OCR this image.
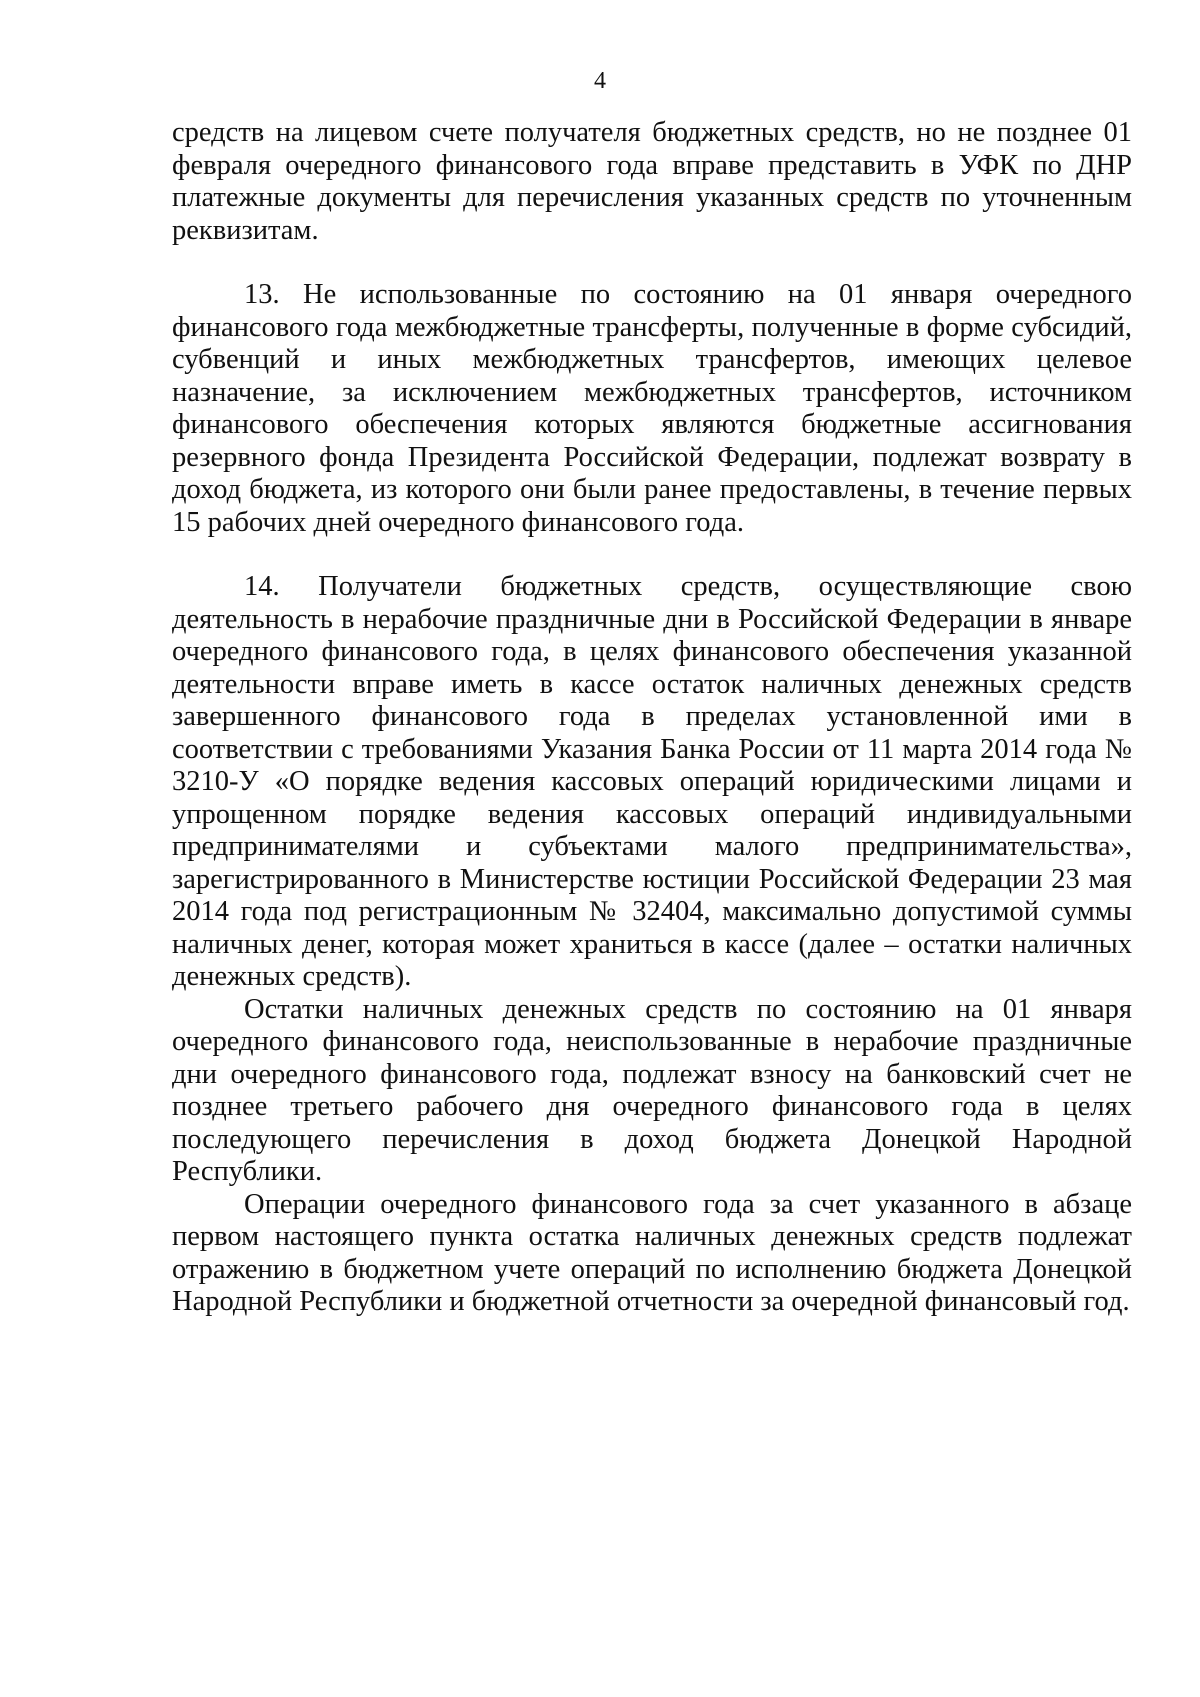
4

средств на лицевом счете получателя бюджетных средств, но не позднее 01 февраля очередного финансового года вправе представить в УФК по ДНР платежные документы для перечисления указанных средств по уточненным реквизитам.

13. Не использованные по состоянию на 01 января очередного финансового года межбюджетные трансферты, полученные в форме субсидий, субвенций и иных межбюджетных трансфертов, имеющих целевое назначение, за исключением межбюджетных трансфертов, источником финансового обеспечения которых являются бюджетные ассигнования резервного фонда Президента Российской Федерации, подлежат возврату в доход бюджета, из которого они были ранее предоставлены, в течение первых 15 рабочих дней очередного финансового года.

14. Получатели бюджетных средств, осуществляющие свою деятельность в нерабочие праздничные дни в Российской Федерации в январе очередного финансового года, в целях финансового обеспечения указанной деятельности вправе иметь в кассе остаток наличных денежных средств завершенного финансового года в пределах установленной ими в соответствии с требованиями Указания Банка России от 11 марта 2014 года № 3210-У «О порядке ведения кассовых операций юридическими лицами и упрощенном порядке ведения кассовых операций индивидуальными предпринимателями и субъектами малого предпринимательства», зарегистрированного в Министерстве юстиции Российской Федерации 23 мая 2014 года под регистрационным № 32404, максимально допустимой суммы наличных денег, которая может храниться в кассе (далее – остатки наличных денежных средств).

Остатки наличных денежных средств по состоянию на 01 января очередного финансового года, неиспользованные в нерабочие праздничные дни очередного финансового года, подлежат взносу на банковский счет не позднее третьего рабочего дня очередного финансового года в целях последующего перечисления в доход бюджета Донецкой Народной Республики.

Операции очередного финансового года за счет указанного в абзаце первом настоящего пункта остатка наличных денежных средств подлежат отражению в бюджетном учете операций по исполнению бюджета Донецкой Народной Республики и бюджетной отчетности за очередной финансовый год.
